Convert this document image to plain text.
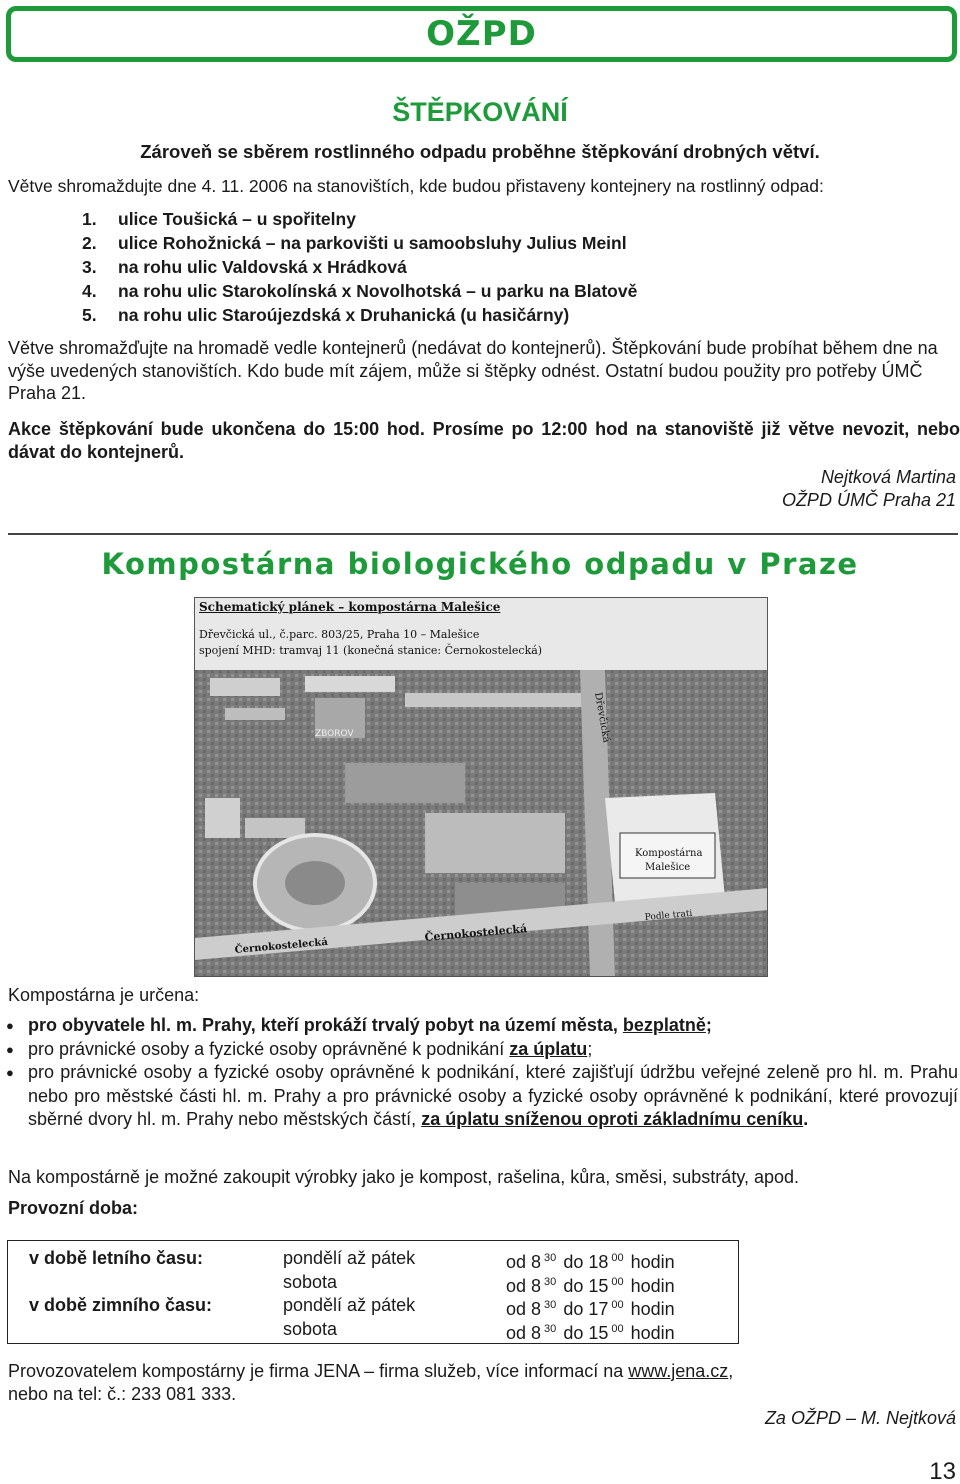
OŽPD
ŠTĚPKOVÁNÍ
Zároveň se sběrem rostlinného odpadu proběhne štěpkování drobných větví.
Větve shromaždujte dne 4. 11. 2006 na stanovištích, kde budou přistaveny kontejnery na rostlinný odpad:
1. ulice Toušická – u spořitelny
2. ulice Rohožnická – na parkovišti u samoobsluhy Julius Meinl
3. na rohu ulic Valdovská x Hrádková
4. na rohu ulic Starokolínská x Novolhotská – u parku na Blatově
5. na rohu ulic Staroújezdská x Druhanická (u hasičárny)
Větve shromažďujte na hromadě vedle kontejnerů (nedávat do kontejnerů). Štěpkování bude probíhat během dne na výše uvedených stanovištích. Kdo bude mít zájem, může si štěpky odnést. Ostatní budou použity pro potřeby ÚMČ Praha 21.
Akce štěpkování bude ukončena do 15:00 hod. Prosíme po 12:00 hod na stanoviště již větve nevozit, nebo dávat do kontejnerů.
Nejtková Martina
OŽPD ÚMČ Praha 21
Kompostárna biologického odpadu v Praze
Kompostárna
Malešice
Černokostelecká
Černokostelecká
Podle trati
Dřevčická
ZBOROV
Schematický plánek – kompostárna Malešice
Dřevčická ul., č.parc. 803/25, Praha 10 – Malešice
spojení MHD: tramvaj 11 (konečná stanice: Černokostelecká)
Kompostárna je určena:
● pro obyvatele hl. m. Prahy, kteří prokáží trvalý pobyt na území města, bezplatně;
● pro právnické osoby a fyzické osoby oprávněné k podnikání za úplatu;
● pro právnické osoby a fyzické osoby oprávněné k podnikání, které zajišťují údržbu veřejné zeleně pro hl. m. Prahu nebo pro městské části hl. m. Prahy a pro právnické osoby a fyzické osoby oprávněné k podnikání, které provozují sběrné dvory hl. m. Prahy nebo městských částí, za úplatu sníženou oproti základnímu ceníku.
Na kompostárně je možné zakoupit výrobky jako je kompost, rašelina, kůra, směsi, substráty, apod.
Provozní doba:
v době letního času:
v době zimního času:
pondělí až pátek
sobota
pondělí až pátek
sobota
od 8 $^{30}$ do 18 $^{00}$ hodin
od 8 $^{30}$ do 15 $^{00}$ hodin
od 8 $^{30}$ do 17 $^{00}$ hodin
od 8 $^{30}$ do 15 $^{00}$ hodin
Provozovatelem kompostárny je firma JENA – firma služeb, více informací na www.jena.cz,
nebo na tel: č.: 233 081 333.
Za OŽPD – M. Nejtková
13
